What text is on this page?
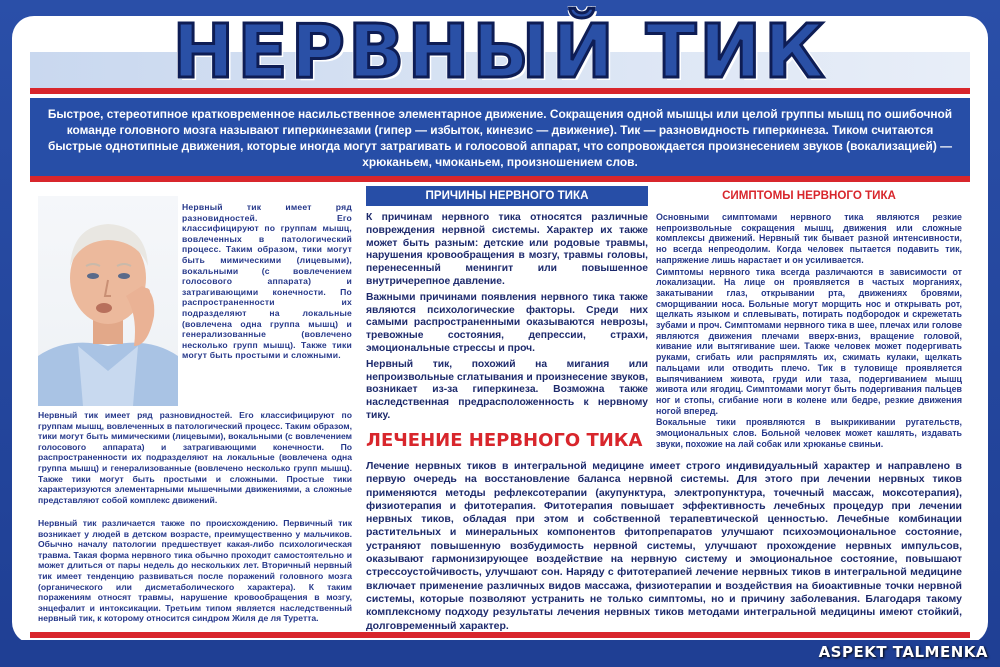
НЕРВНЫЙ ТИК

Быстрое, стереотипное кратковременное насильственное элементарное движение. Сокращения одной мышцы или целой группы мышц по ошибочной команде головного мозга называют гиперкинезами (гипер — избыток, кинезис — движение). Тик — разновидность гиперкинеза. Тиком считаются быстрые однотипные движения, которые иногда могут затрагивать и голосовой аппарат, что сопровождается произнесением звуков (вокализацией) — хрюканьем, чмоканьем, произношением слов.

Нервный тик имеет ряд разновидностей. Его классифицируют по группам мышц, вовлеченных в патологический процесс. Таким образом, тики могут быть мимическими (лицевыми), вокальными (с вовлечением голосового аппарата) и затрагивающими конечности. По распространенности их подразделяют на локальные (вовлечена одна группа мышц) и генерализованные (вовлечено несколько групп мышц). Также тики могут быть простыми и сложными.

Нервный тик имеет ряд разновидностей. Его классифицируют по группам мышц, вовлеченных в патологический процесс. Таким образом, тики могут быть мимическими (лицевыми), вокальными (с вовлечением голосового аппарата) и затрагивающими конечности. По распространенности их подразделяют на локальные (вовлечена одна группа мышц) и генерализованные (вовлечено несколько групп мышц). Также тики могут быть простыми и сложными. Простые тики характеризуются элементарными мышечными движениями, а сложные представляют собой комплекс движений.

Нервный тик различается также по происхождению. Первичный тик возникает у людей в детском возрасте, преимущественно у мальчиков. Обычно началу патологии предшествует какая-либо психологическая травма. Такая форма нервного тика обычно проходит самостоятельно и может длиться от пары недель до нескольких лет. Вторичный нервный тик имеет тенденцию развиваться после поражений головного мозга (органического или дисметаболического характера). К таким поражениям относят травмы, нарушение кровообращения в мозгу, энцефалит и интоксикации. Третьим типом является наследственный нервный тик, к которому относится синдром Жиля де ля Туретта.

ПРИЧИНЫ НЕРВНОГО ТИКА

К причинам нервного тика относятся различные повреждения нервной системы. Характер их также может быть разным: детские или родовые травмы, нарушения кровообращения в мозгу, травмы головы, перенесенный менингит или повышенное внутричерепное давление.

Важными причинами появления нервного тика также являются психологические факторы. Среди них самыми распространенными оказываются неврозы, тревожные состояния, депрессии, страхи, эмоциональные стрессы и проч.

Нервный тик, похожий на мигания или непроизвольные сглатывания и произнесение звуков, возникает из-за гиперкинеза. Возможна также наследственная предрасположенность к нервному тику.

СИМПТОМЫ НЕРВНОГО ТИКА

Основными симптомами нервного тика являются резкие непроизвольные сокращения мышц, движения или сложные комплексы движений. Нервный тик бывает разной интенсивности, но всегда непреодолим. Когда человек пытается подавить тик, напряжение лишь нарастает и он усиливается.

Симптомы нервного тика всегда различаются в зависимости от локализации. На лице он проявляется в частых морганиях, закатывании глаз, открывании рта, движениях бровями, сморщивании носа. Больные могут морщить нос и открывать рот, щелкать языком и сплевывать, потирать подбородок и скрежетать зубами и проч. Симптомами нервного тика в шее, плечах или голове являются движения плечами вверх-вниз, вращение головой, кивание или вытягивание шеи. Также человек может подергивать руками, сгибать или распрямлять их, сжимать кулаки, щелкать пальцами или отводить плечо. Тик в туловище проявляется выпячиванием живота, груди или таза, подергиванием мышц живота или ягодиц. Симптомами могут быть подергивания пальцев ног и стопы, сгибание ноги в колене или бедре, резкие движения ногой вперед.

Вокальные тики проявляются в выкрикивании ругательств, эмоциональных слов. Больной человек может кашлять, издавать звуки, похожие на лай собак или хрюканье свиньи.

ЛЕЧЕНИЕ НЕРВНОГО ТИКА

Лечение нервных тиков в интегральной медицине имеет строго индивидуальный характер и направлено в первую очередь на восстановление баланса нервной системы. Для этого при лечении нервных тиков применяются методы рефлексотерапии (акупунктура, электропунктура, точечный массаж, моксотерапия), физиотерапия и фитотерапия. Фитотерапия повышает эффективность лечебных процедур при лечении нервных тиков, обладая при этом и собственной терапевтической ценностью. Лечебные комбинации растительных и минеральных компонентов фитопрепаратов улучшают психоэмоциональное состояние, устраняют повышенную возбудимость нервной системы, улучшают прохождение нервных импульсов, оказывают гармонизирующее воздействие на нервную систему и эмоциональное состояние, повышают стрессоустойчивость, улучшают сон. Наряду с фитотерапией лечение нервных тиков в интегральной медицине включает применение различных видов массажа, физиотерапии и воздействия на биоактивные точки нервной системы, которые позволяют устранить не только симптомы, но и причину заболевания. Благодаря такому комплексному подходу результаты лечения нервных тиков методами интегральной медицины имеют стойкий, долговременный характер.

ASPEKT TALMENKA
